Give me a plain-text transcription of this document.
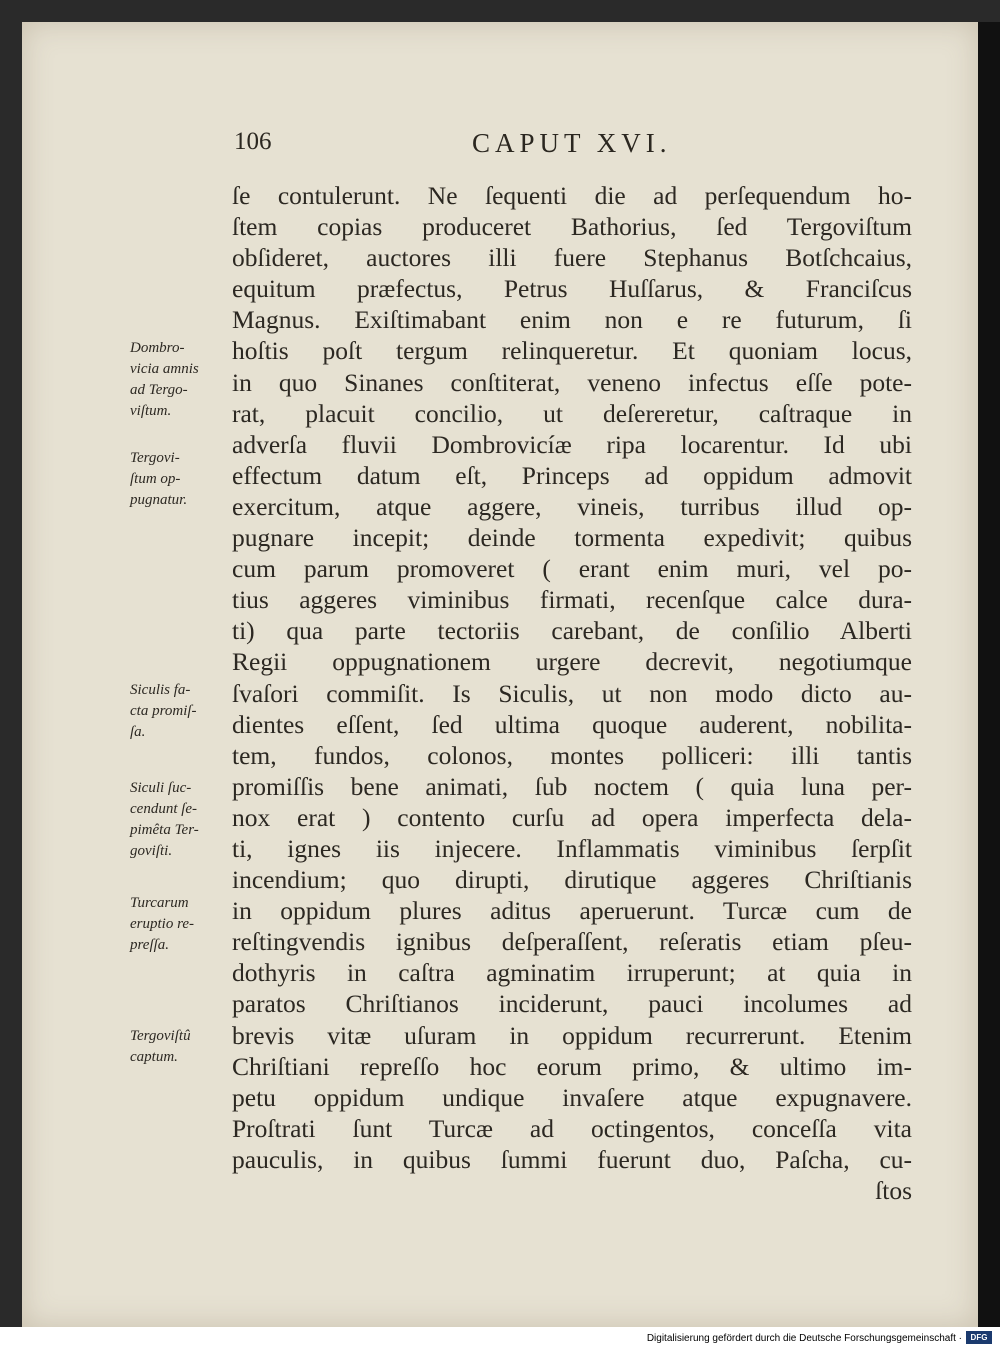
106	CAPUT XVI.
ſe contulerunt. Ne ſequenti die ad perſequendum ho-
ſtem copias produceret Bathorius, ſed Tergoviſtum
obſideret, auctores illi fuere Stephanus Botſchcaius,
equitum præfectus, Petrus Huſſarus, & Franciſcus
Magnus. Exiſtimabant enim non e re futurum, ſi
hoſtis poſt tergum relinqueretur. Et quoniam locus,
in quo Sinanes conſtiterat, veneno infectus eſſe pote-
rat, placuit concilio, ut deſereretur, caſtraque in
adverſa fluvii Dombrovicíæ ripa locarentur. Id ubi
effectum datum eſt, Princeps ad oppidum admovit
exercitum, atque aggere, vineis, turribus illud op-
pugnare incepit; deinde tormenta expedivit; quibus
cum parum promoveret ( erant enim muri, vel po-
tius aggeres viminibus firmati, recenſque calce dura-
ti) qua parte tectoriis carebant, de conſilio Alberti
Regii oppugnationem urgere decrevit, negotiumque
ſvaſori commiſit. Is Siculis, ut non modo dicto au-
dientes eſſent, ſed ultima quoque auderent, nobilita-
tem, fundos, colonos, montes polliceri: illi tantis
promiſſis bene animati, ſub noctem ( quia luna per-
nox erat ) contento curſu ad opera imperfecta dela-
ti, ignes iis injecere. Inflammatis viminibus ſerpſit
incendium; quo dirupti, dirutique aggeres Chriſtianis
in oppidum plures aditus aperuerunt. Turcæ cum de
reſtingvendis ignibus deſperaſſent, reſeratis etiam pſeu-
dothyris in caſtra agminatim irruperunt; at quia in
paratos Chriſtianos inciderunt, pauci incolumes ad
brevis vitæ uſuram in oppidum recurrerunt. Etenim
Chriſtiani repreſſo hoc eorum primo, & ultimo im-
petu oppidum undique invaſere atque expugnavere.
Proſtrati ſunt Turcæ ad octingentos, conceſſa vita
pauculis, in quibus ſummi fuerunt duo, Paſcha, cu-
ſtos
Dombro-
vicia amnis
ad Tergo-
viſtum.
Tergovi-
ſtum op-
pugnatur.
Siculis fa-
cta promiſ-
ſa.
Siculi ſuc-
cendunt ſe-
pimêta Ter-
goviſti.
Turcarum
eruptio re-
preſſa.
Tergoviſtû
captum.
Digitalisierung gefördert durch die Deutsche Forschungsgemeinschaft ·	DFG
